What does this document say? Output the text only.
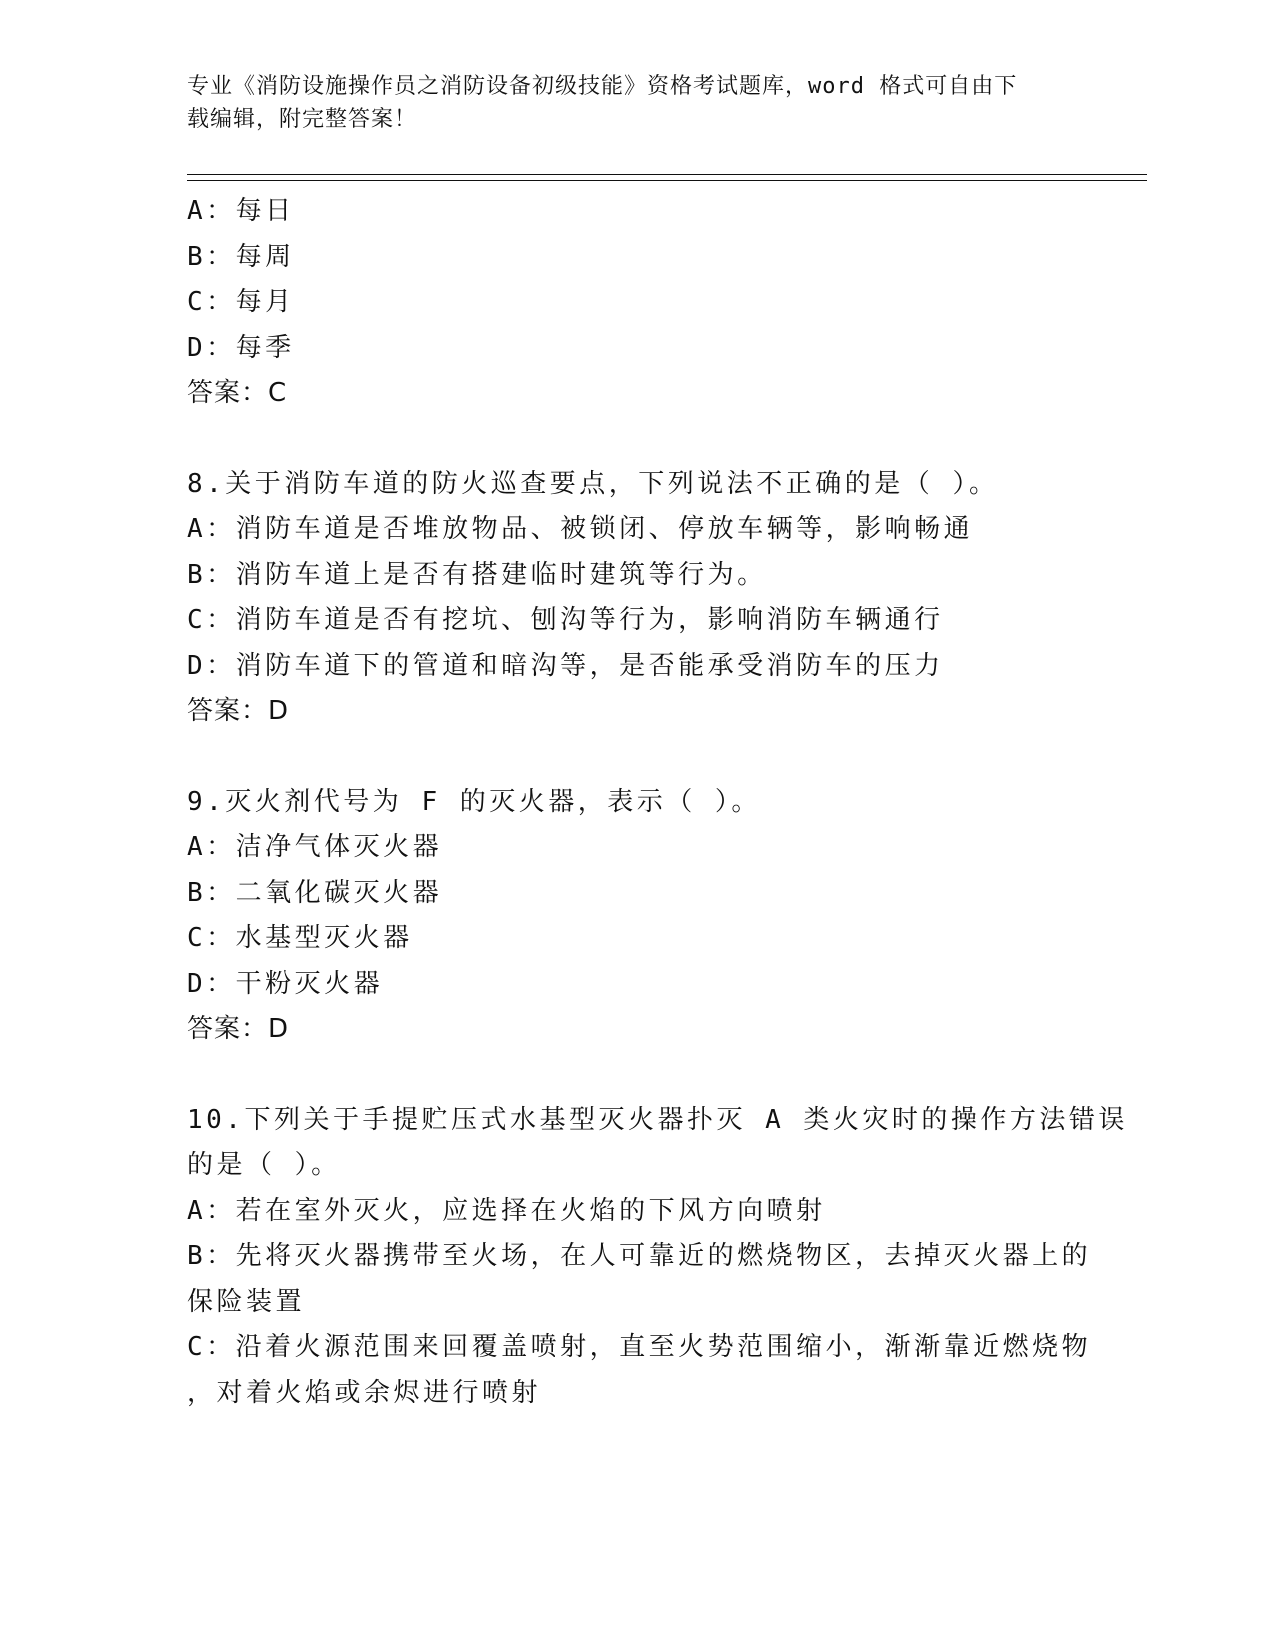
专业《消防设施操作员之消防设备初级技能》资格考试题库，word 格式可自由下
载编辑，附完整答案！
A：每日
B：每周
C：每月
D：每季
答案：C
8.关于消防车道的防火巡查要点，下列说法不正确的是（ ）。
A：消防车道是否堆放物品、被锁闭、停放车辆等，影响畅通
B：消防车道上是否有搭建临时建筑等行为。
C：消防车道是否有挖坑、刨沟等行为，影响消防车辆通行
D：消防车道下的管道和暗沟等，是否能承受消防车的压力
答案：D
9.灭火剂代号为 F 的灭火器，表示（ ）。
A：洁净气体灭火器
B：二氧化碳灭火器
C：水基型灭火器
D：干粉灭火器
答案：D
10.下列关于手提贮压式水基型灭火器扑灭 A 类火灾时的操作方法错误
的是（ ）。
A：若在室外灭火，应选择在火焰的下风方向喷射
B：先将灭火器携带至火场，在人可靠近的燃烧物区，去掉灭火器上的
保险装置
C：沿着火源范围来回覆盖喷射，直至火势范围缩小，渐渐靠近燃烧物
，对着火焰或余烬进行喷射
